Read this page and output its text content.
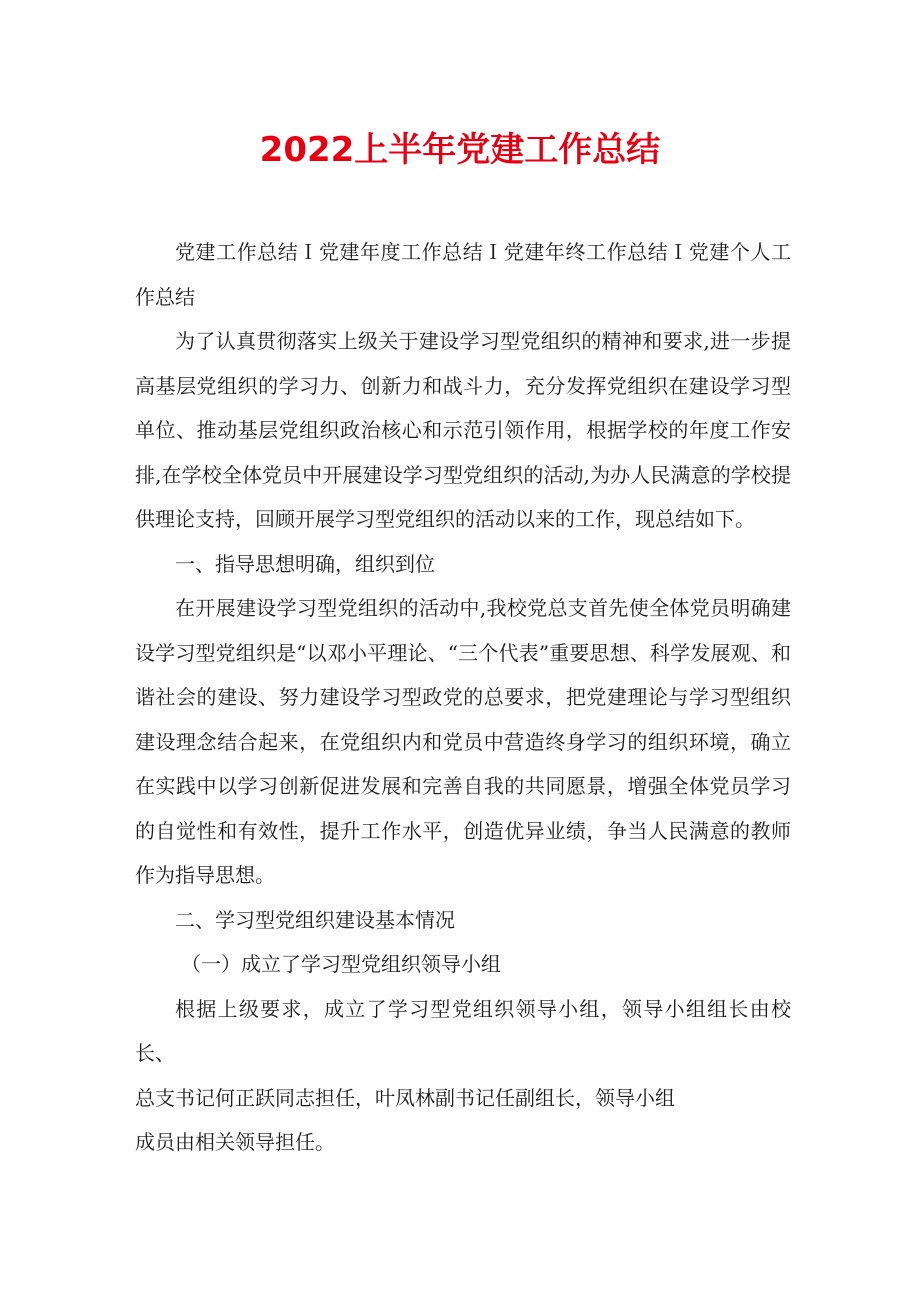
2022上半年党建工作总结

党建工作总结Ｉ党建年度工作总结Ｉ党建年终工作总结Ｉ党建个人工作总结

为了认真贯彻落实上级关于建设学习型党组织的精神和要求,进一步提高基层党组织的学习力、创新力和战斗力，充分发挥党组织在建设学习型单位、推动基层党组织政治核心和示范引领作用，根据学校的年度工作安排,在学校全体党员中开展建设学习型党组织的活动,为办人民满意的学校提供理论支持，回顾开展学习型党组织的活动以来的工作，现总结如下。

一、指导思想明确，组织到位

在开展建设学习型党组织的活动中,我校党总支首先使全体党员明确建设学习型党组织是“以邓小平理论、“三个代表”重要思想、科学发展观、和谐社会的建设、努力建设学习型政党的总要求，把党建理论与学习型组织建设理念结合起来，在党组织内和党员中营造终身学习的组织环境，确立在实践中以学习创新促进发展和完善自我的共同愿景，增强全体党员学习的自觉性和有效性，提升工作水平，创造优异业绩，争当人民满意的教师作为指导思想。

二、学习型党组织建设基本情况

（一）成立了学习型党组织领导小组

根据上级要求，成立了学习型党组织领导小组，领导小组组长由校长、
总支书记何正跃同志担任，叶凤林副书记任副组长，领导小组
成员由相关领导担任。
